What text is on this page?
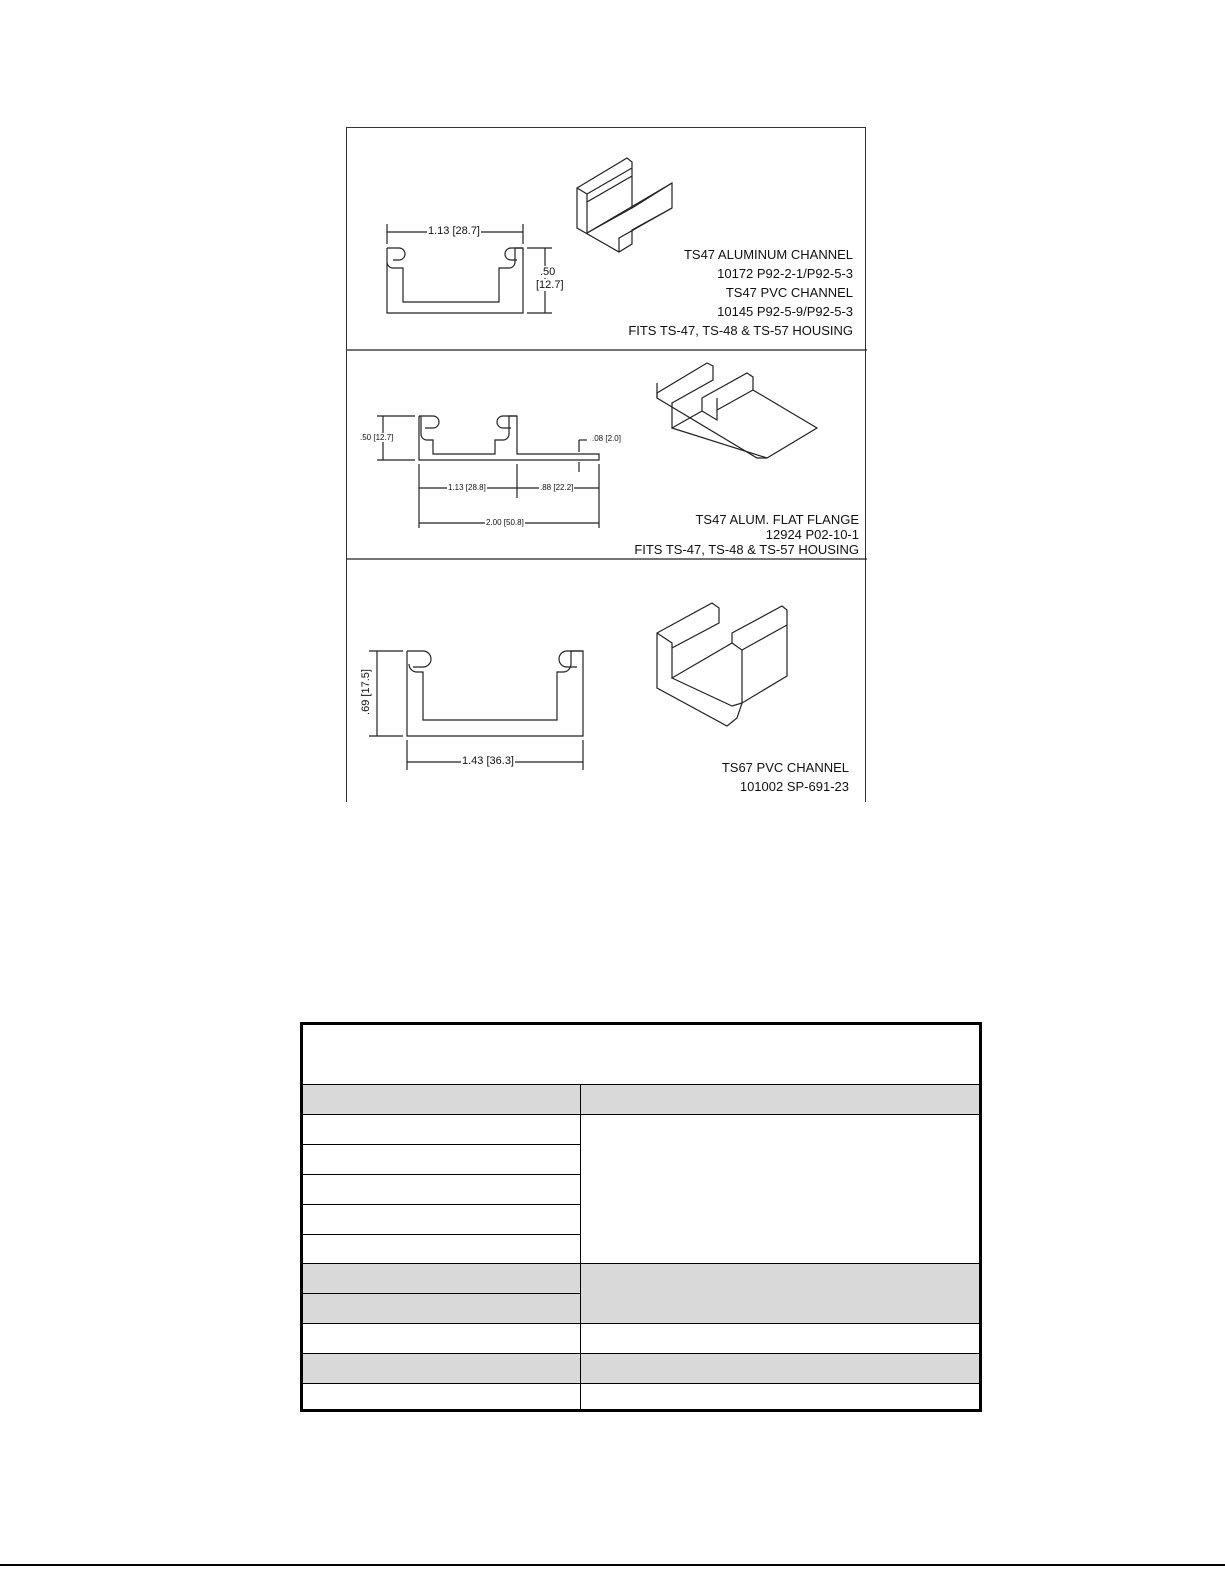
1.13 [28.7]
.50
[12.7]
TS47 ALUMINUM CHANNEL
10172 P92-2-1/P92-5-3
TS47 PVC CHANNEL
10145 P92-5-9/P92-5-3
FITS TS-47, TS-48 & TS-57 HOUSING
.50 [12.7]	.08 [2.0]
1.13 [28.8]	.88 [22.2]
2.00 [50.8]	TS47 ALUM. FLAT FLANGE
12924 P02-10-1
FITS TS-47, TS-48 & TS-57 HOUSING
.69 [17.5]
1.43 [36.3]	TS67 PVC CHANNEL
101002 SP-691-23
